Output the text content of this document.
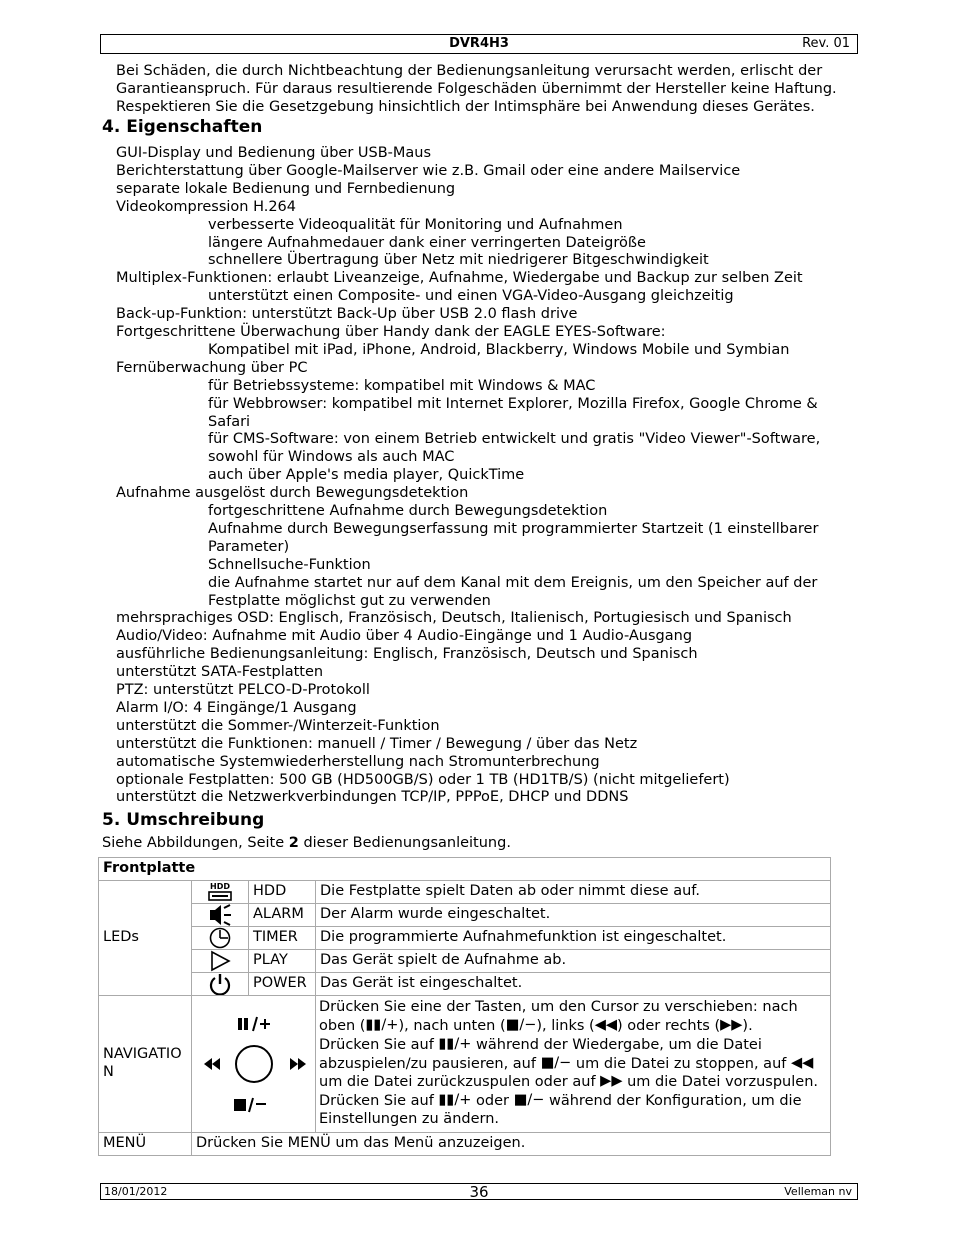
DVR4H3	Rev. 01
Bei Schäden, die durch Nichtbeachtung der Bedienungsanleitung verursacht werden, erlischt der
Garantieanspruch. Für daraus resultierende Folgeschäden übernimmt der Hersteller keine Haftung.
Respektieren Sie die Gesetzgebung hinsichtlich der Intimsphäre bei Anwendung dieses Gerätes.
4. Eigenschaften
GUI-Display und Bedienung über USB-Maus
Berichterstattung über Google-Mailserver wie z.B. Gmail oder eine andere Mailservice
separate lokale Bedienung und Fernbedienung
Videokompression H.264
verbesserte Videoqualität für Monitoring und Aufnahmen
längere Aufnahmedauer dank einer verringerten Dateigröße
schnellere Übertragung über Netz mit niedrigerer Bitgeschwindigkeit
Multiplex-Funktionen: erlaubt Liveanzeige, Aufnahme, Wiedergabe und Backup zur selben Zeit
unterstützt einen Composite- und einen VGA-Video-Ausgang gleichzeitig
Back-up-Funktion: unterstützt Back-Up über USB 2.0 flash drive
Fortgeschrittene Überwachung über Handy dank der EAGLE EYES-Software:
Kompatibel mit iPad, iPhone, Android, Blackberry, Windows Mobile und Symbian
Fernüberwachung über PC
für Betriebssysteme: kompatibel mit Windows & MAC
für Webbrowser: kompatibel mit Internet Explorer, Mozilla Firefox, Google Chrome &
Safari
für CMS-Software: von einem Betrieb entwickelt und gratis "Video Viewer"-Software,
sowohl für Windows als auch MAC
auch über Apple's media player, QuickTime
Aufnahme ausgelöst durch Bewegungsdetektion
fortgeschrittene Aufnahme durch Bewegungsdetektion
Aufnahme durch Bewegungserfassung mit programmierter Startzeit (1 einstellbarer
Parameter)
Schnellsuche-Funktion
die Aufnahme startet nur auf dem Kanal mit dem Ereignis, um den Speicher auf der
Festplatte möglichst gut zu verwenden
mehrsprachiges OSD: Englisch, Französisch, Deutsch, Italienisch, Portugiesisch und Spanisch
Audio/Video: Aufnahme mit Audio über 4 Audio-Eingänge und 1 Audio-Ausgang
ausführliche Bedienungsanleitung: Englisch, Französisch, Deutsch und Spanisch
unterstützt SATA-Festplatten
PTZ: unterstützt PELCO-D-Protokoll
Alarm I/O: 4 Eingänge/1 Ausgang
unterstützt die Sommer-/Winterzeit-Funktion
unterstützt die Funktionen: manuell / Timer / Bewegung / über das Netz
automatische Systemwiederherstellung nach Stromunterbrechung
optionale Festplatten: 500 GB (HD500GB/S) oder 1 TB (HD1TB/S) (nicht mitgeliefert)
unterstützt die Netzwerkverbindungen TCP/IP, PPPoE, DHCP und DDNS
5. Umschreibung
Siehe Abbildungen, Seite 2 dieser Bedienungsanleitung.
Frontplatte			
LEDs	HDD	HDD	Die Festplatte spielt Daten ab oder nimmt diese auf.
	ALARM	Der Alarm wurde eingeschaltet.
	TIMER	Die programmierte Aufnahmefunktion ist eingeschaltet.
	PLAY	Das Gerät spielt de Aufnahme ab.
	POWER	Das Gerät ist eingeschaltet.

NAVIGATION			Drücken Sie eine der Tasten, um den Cursor zu verschieben: nach oben (▮▮/+), nach unten (■/−), links (◀◀) oder rechts (▶▶).
Drücken Sie auf ▮▮/+ während der Wiedergabe, um die Datei abzuspielen/zu pausieren, auf ■/− um die Datei zu stoppen, auf ◀◀ um die Datei zurückzuspulen oder auf ▶▶ um die Datei vorzuspulen.
Drücken Sie auf ▮▮/+ oder ■/− während der Konfiguration, um die Einstellungen zu ändern.
MENÜ	Drücken Sie MENÜ um das Menü anzuzeigen.		
18/01/2012	36	Velleman nv
